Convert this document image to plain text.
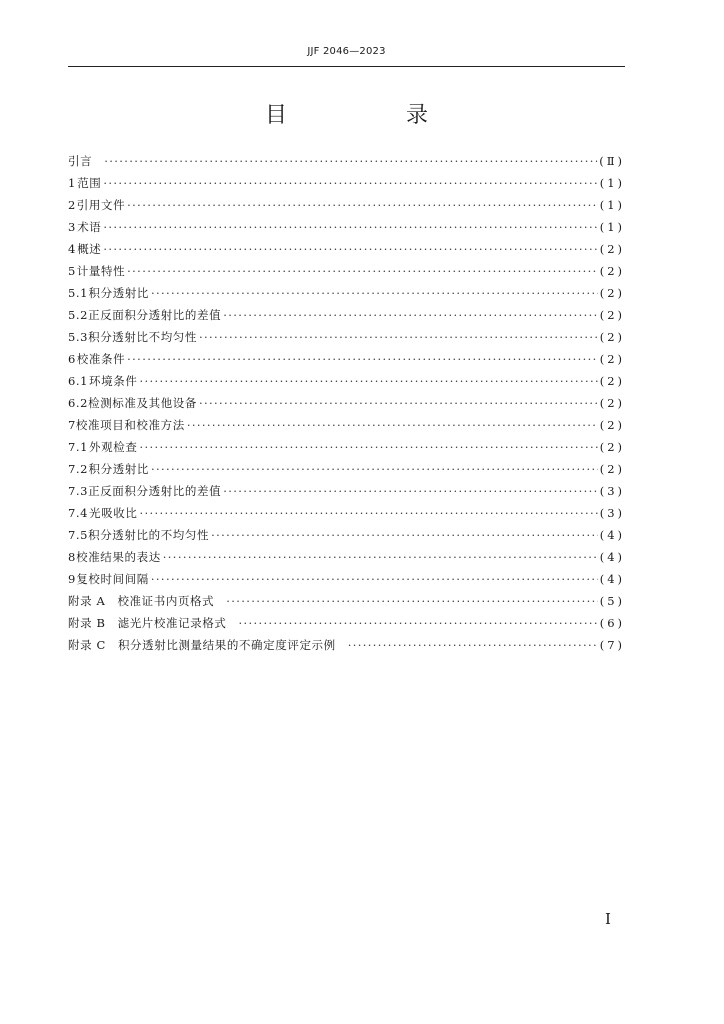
JJF 2046—2023
目 录
引言 ·····	(Ⅱ)
1 范围 ·····	(1)
2 引用文件 ·····	(1)
3 术语 ·····	(1)
4 概述 ·····	(2)
5 计量特性 ·····	(2)
5.1 积分透射比 ·····	(2)
5.2 正反面积分透射比的差值 ·····	(2)
5.3 积分透射比不均匀性 ·····	(2)
6 校准条件 ·····	(2)
6.1 环境条件 ·····	(2)
6.2 检测标准及其他设备 ·····	(2)
7 校准项目和校准方法 ·····	(2)
7.1 外观检查 ·····	(2)
7.2 积分透射比 ·····	(2)
7.3 正反面积分透射比的差值 ·····	(3)
7.4 光吸收比 ·····	(3)
7.5 积分透射比的不均匀性 ·····	(4)
8 校准结果的表达 ·····	(4)
9 复校时间间隔 ·····	(4)
附录 A　校准证书内页格式 ·····	(5)
附录 B　滤光片校准记录格式 ·····	(6)
附录 C　积分透射比测量结果的不确定度评定示例 ·····	(7)
Ⅰ
